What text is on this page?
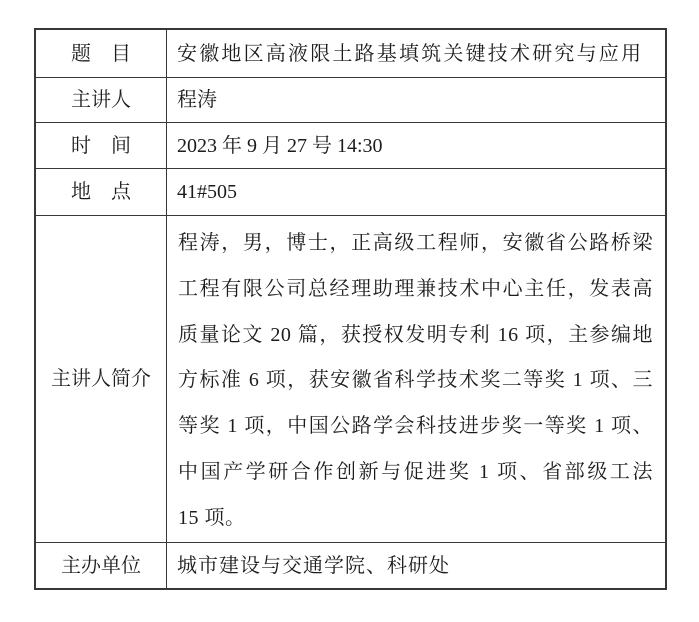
题　目 安徽地区高液限土路基填筑关键技术研究与应用
主讲人 程涛
时　间 2023 年 9 月 27 号 14:30
地　点 41#505
主讲人简介
程涛，男，博士，正高级工程师，安徽省公路桥梁
工程有限公司总经理助理兼技术中心主任，发表高
质量论文 20 篇，获授权发明专利 16 项，主参编地
方标准 6 项，获安徽省科学技术奖二等奖 1 项、三
等奖 1 项，中国公路学会科技进步奖一等奖 1 项、
中国产学研合作创新与促进奖 1 项、省部级工法
15 项。
主办单位 城市建设与交通学院、科研处
